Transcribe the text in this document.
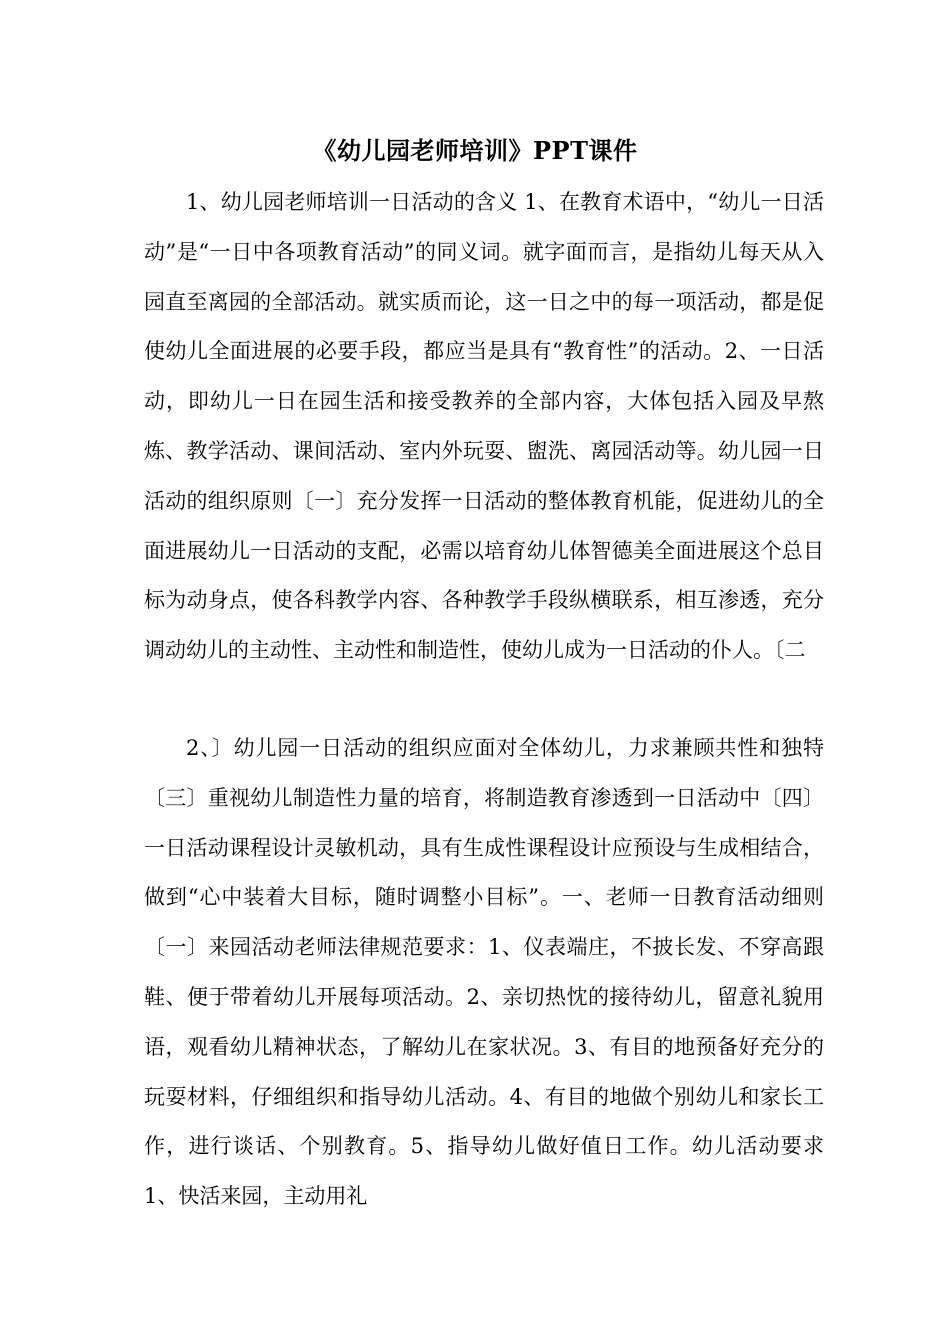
《幼儿园老师培训》PPT课件

1、幼儿园老师培训一日活动的含义 1、在教育术语中，“幼儿一日活动”是“一日中各项教育活动”的同义词。就字面而言，是指幼儿每天从入园直至离园的全部活动。就实质而论，这一日之中的每一项活动，都是促使幼儿全面进展的必要手段，都应当是具有“教育性”的活动。2、一日活动，即幼儿一日在园生活和接受教养的全部内容，大体包括入园及早熬炼、教学活动、课间活动、室内外玩耍、盥洗、离园活动等。幼儿园一日活动的组织原则〔一〕充分发挥一日活动的整体教育机能，促进幼儿的全面进展幼儿一日活动的支配，必需以培育幼儿体智德美全面进展这个总目标为动身点，使各科教学内容、各种教学手段纵横联系，相互渗透，充分调动幼儿的主动性、主动性和制造性，使幼儿成为一日活动的仆人。〔二

2、〕幼儿园一日活动的组织应面对全体幼儿，力求兼顾共性和独特〔三〕重视幼儿制造性力量的培育，将制造教育渗透到一日活动中〔四〕一日活动课程设计灵敏机动，具有生成性课程设计应预设与生成相结合，做到“心中装着大目标，随时调整小目标”。一、老师一日教育活动细则〔一〕来园活动老师法律规范要求：1、仪表端庄，不披长发、不穿高跟鞋、便于带着幼儿开展每项活动。2、亲切热忱的接待幼儿，留意礼貌用语，观看幼儿精神状态，了解幼儿在家状况。3、有目的地预备好充分的玩耍材料，仔细组织和指导幼儿活动。4、有目的地做个别幼儿和家长工作，进行谈话、个别教育。5、指导幼儿做好值日工作。幼儿活动要求 1、快活来园，主动用礼
